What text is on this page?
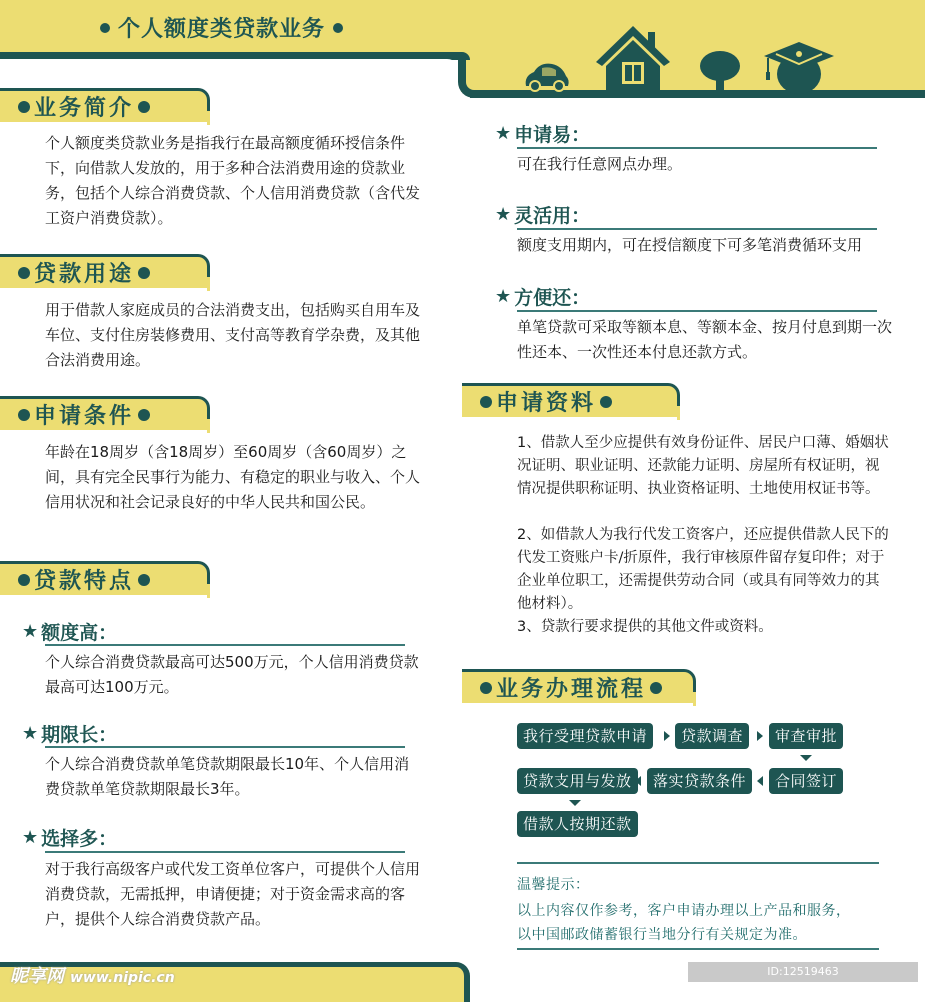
个人额度类贷款业务
业务简介
个人额度类贷款业务是指我行在最高额度循环授信条件下，向借款人发放的，用于多种合法消费用途的贷款业务，包括个人综合消费贷款、个人信用消费贷款（含代发工资户消费贷款）。
贷款用途
用于借款人家庭成员的合法消费支出，包括购买自用车及车位、支付住房装修费用、支付高等教育学杂费，及其他合法消费用途。
申请条件
年龄在18周岁（含18周岁）至60周岁（含60周岁）之间，具有完全民事行为能力、有稳定的职业与收入、个人信用状况和社会记录良好的中华人民共和国公民。
贷款特点
★ 额度高：
个人综合消费贷款最高可达500万元，个人信用消费贷款最高可达100万元。
★ 期限长：
个人综合消费贷款单笔贷款期限最长10年、个人信用消费贷款单笔贷款期限最长3年。
★ 选择多：
对于我行高级客户或代发工资单位客户，可提供个人信用消费贷款，无需抵押，申请便捷；对于资金需求高的客户，提供个人综合消费贷款产品。
★ 申请易：
可在我行任意网点办理。
★ 灵活用：
额度支用期内，可在授信额度下可多笔消费循环支用
★ 方便还：
单笔贷款可采取等额本息、等额本金、按月付息到期一次性还本、一次性还本付息还款方式。
申请资料
1、借款人至少应提供有效身份证件、居民户口薄、婚姻状况证明、职业证明、还款能力证明、房屋所有权证明，视情况提供职称证明、执业资格证明、土地使用权证书等。
2、如借款人为我行代发工资客户，还应提供借款人民下的代发工资账户卡/折原件，我行审核原件留存复印件；对于企业单位职工，还需提供劳动合同（或具有同等效力的其他材料）。
3、贷款行要求提供的其他文件或资料。
业务办理流程
我行受理贷款申请	贷款调查	审查审批
合同签订
落实贷款条件
贷款支用与发放
借款人按期还款
温馨提示：
以上内容仅作参考，客户申请办理以上产品和服务，
以中国邮政储蓄银行当地分行有关规定为准。
昵享网 www.nipic.cn	ID:12519463 NO:20180414174318749000
